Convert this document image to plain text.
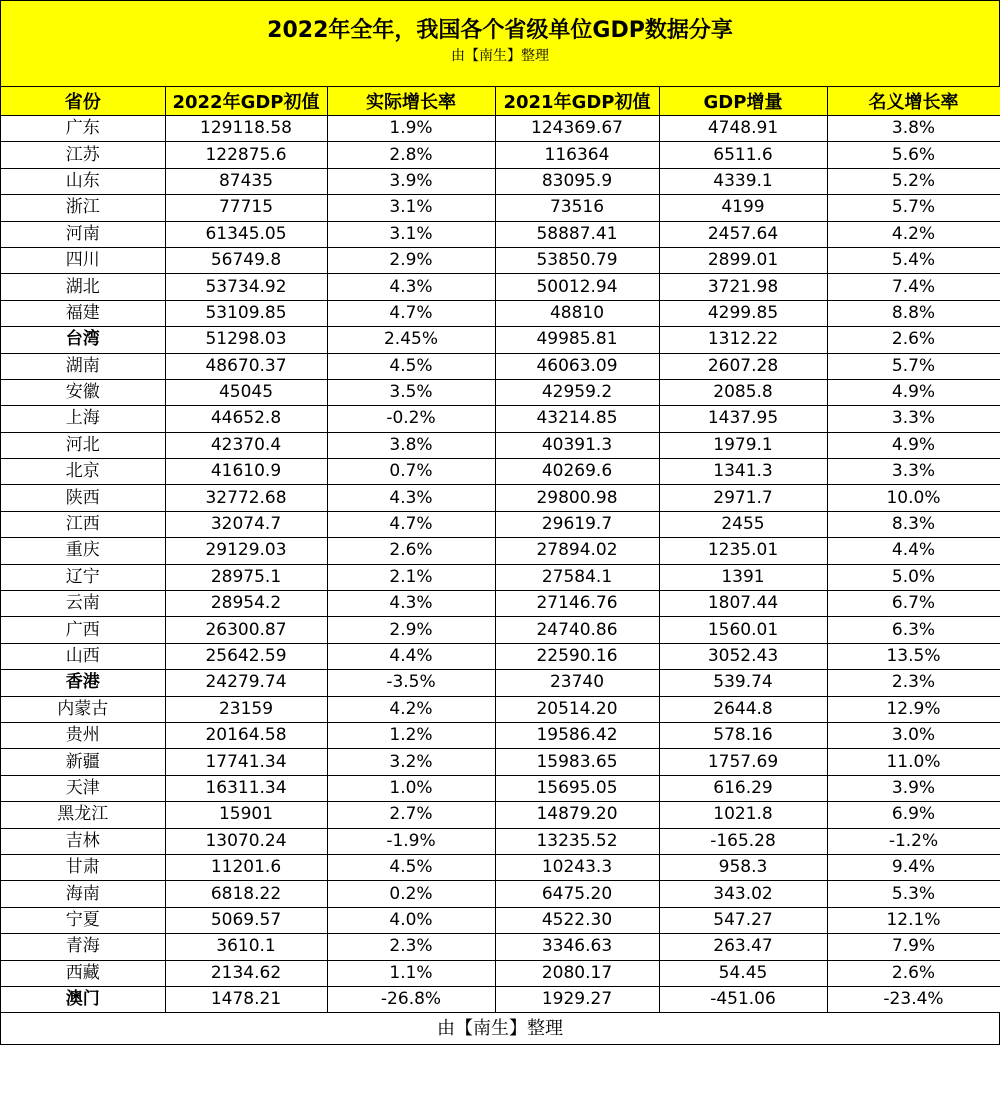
2022年全年，我国各个省级单位GDP数据分享
由【南生】整理
省份	2022年GDP初值	实际增长率	2021年GDP初值	GDP增量	名义增长率
广东	129118.58	1.9%	124369.67	4748.91	3.8%
江苏	122875.6	2.8%	116364	6511.6	5.6%
山东	87435	3.9%	83095.9	4339.1	5.2%
浙江	77715	3.1%	73516	4199	5.7%
河南	61345.05	3.1%	58887.41	2457.64	4.2%
四川	56749.8	2.9%	53850.79	2899.01	5.4%
湖北	53734.92	4.3%	50012.94	3721.98	7.4%
福建	53109.85	4.7%	48810	4299.85	8.8%
台湾	51298.03	2.45%	49985.81	1312.22	2.6%
湖南	48670.37	4.5%	46063.09	2607.28	5.7%
安徽	45045	3.5%	42959.2	2085.8	4.9%
上海	44652.8	-0.2%	43214.85	1437.95	3.3%
河北	42370.4	3.8%	40391.3	1979.1	4.9%
北京	41610.9	0.7%	40269.6	1341.3	3.3%
陕西	32772.68	4.3%	29800.98	2971.7	10.0%
江西	32074.7	4.7%	29619.7	2455	8.3%
重庆	29129.03	2.6%	27894.02	1235.01	4.4%
辽宁	28975.1	2.1%	27584.1	1391	5.0%
云南	28954.2	4.3%	27146.76	1807.44	6.7%
广西	26300.87	2.9%	24740.86	1560.01	6.3%
山西	25642.59	4.4%	22590.16	3052.43	13.5%
香港	24279.74	-3.5%	23740	539.74	2.3%
内蒙古	23159	4.2%	20514.20	2644.8	12.9%
贵州	20164.58	1.2%	19586.42	578.16	3.0%
新疆	17741.34	3.2%	15983.65	1757.69	11.0%
天津	16311.34	1.0%	15695.05	616.29	3.9%
黑龙江	15901	2.7%	14879.20	1021.8	6.9%
吉林	13070.24	-1.9%	13235.52	-165.28	-1.2%
甘肃	11201.6	4.5%	10243.3	958.3	9.4%
海南	6818.22	0.2%	6475.20	343.02	5.3%
宁夏	5069.57	4.0%	4522.30	547.27	12.1%
青海	3610.1	2.3%	3346.63	263.47	7.9%
西藏	2134.62	1.1%	2080.17	54.45	2.6%
澳门	1478.21	-26.8%	1929.27	-451.06	-23.4%
由【南生】整理
